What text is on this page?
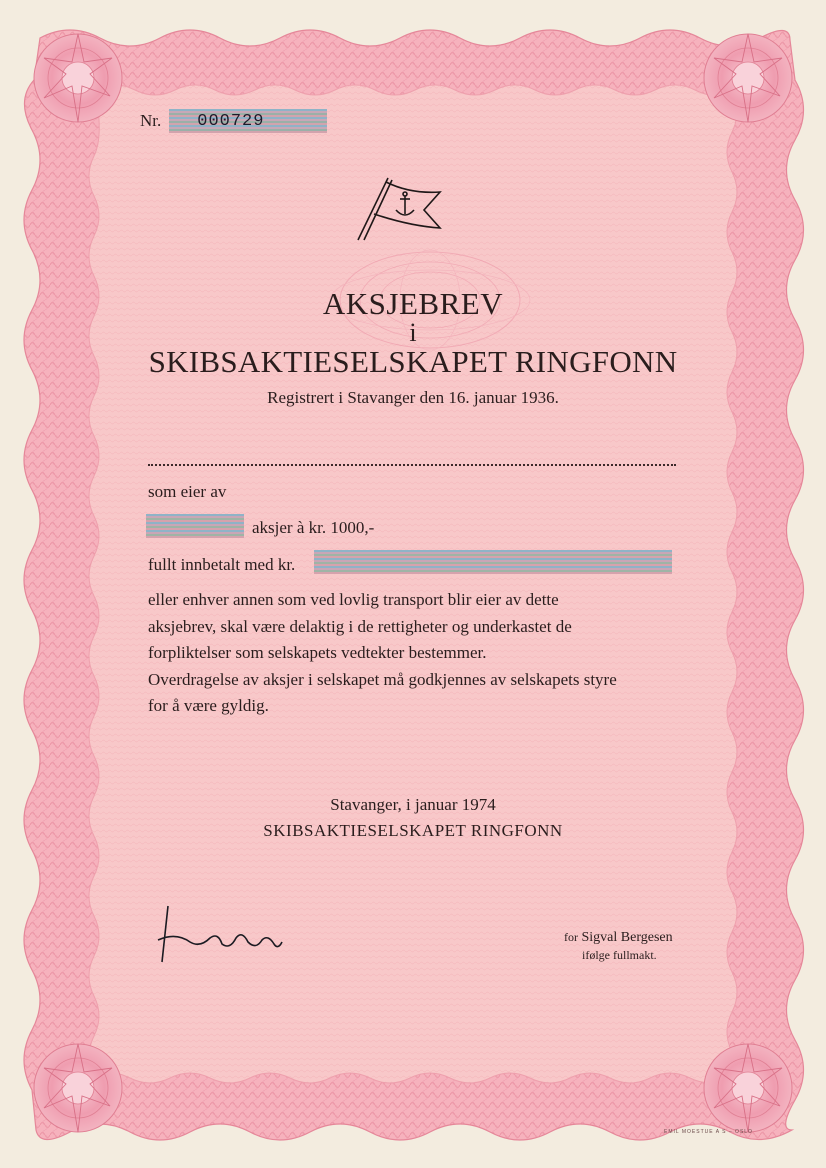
Nr.	000729
AKSJEBREV
i
SKIBSAKTIESELSKAPET RINGFONN
Registrert i Stavanger den 16. januar 1936.
som eier av
aksjer à kr. 1000,-
fullt innbetalt med kr.
eller enhver annen som ved lovlig transport blir eier av dette
aksjebrev, skal være delaktig i de rettigheter og underkastet de
forpliktelser som selskapets vedtekter bestemmer.
Overdragelse av aksjer i selskapet må godkjennes av selskapets styre
for å være gyldig.
Stavanger, i januar 1974
SKIBSAKTIESELSKAPET RINGFONN
for Sigval Bergesen
ifølge fullmakt.
EMIL MOESTUE A S – OSLO
